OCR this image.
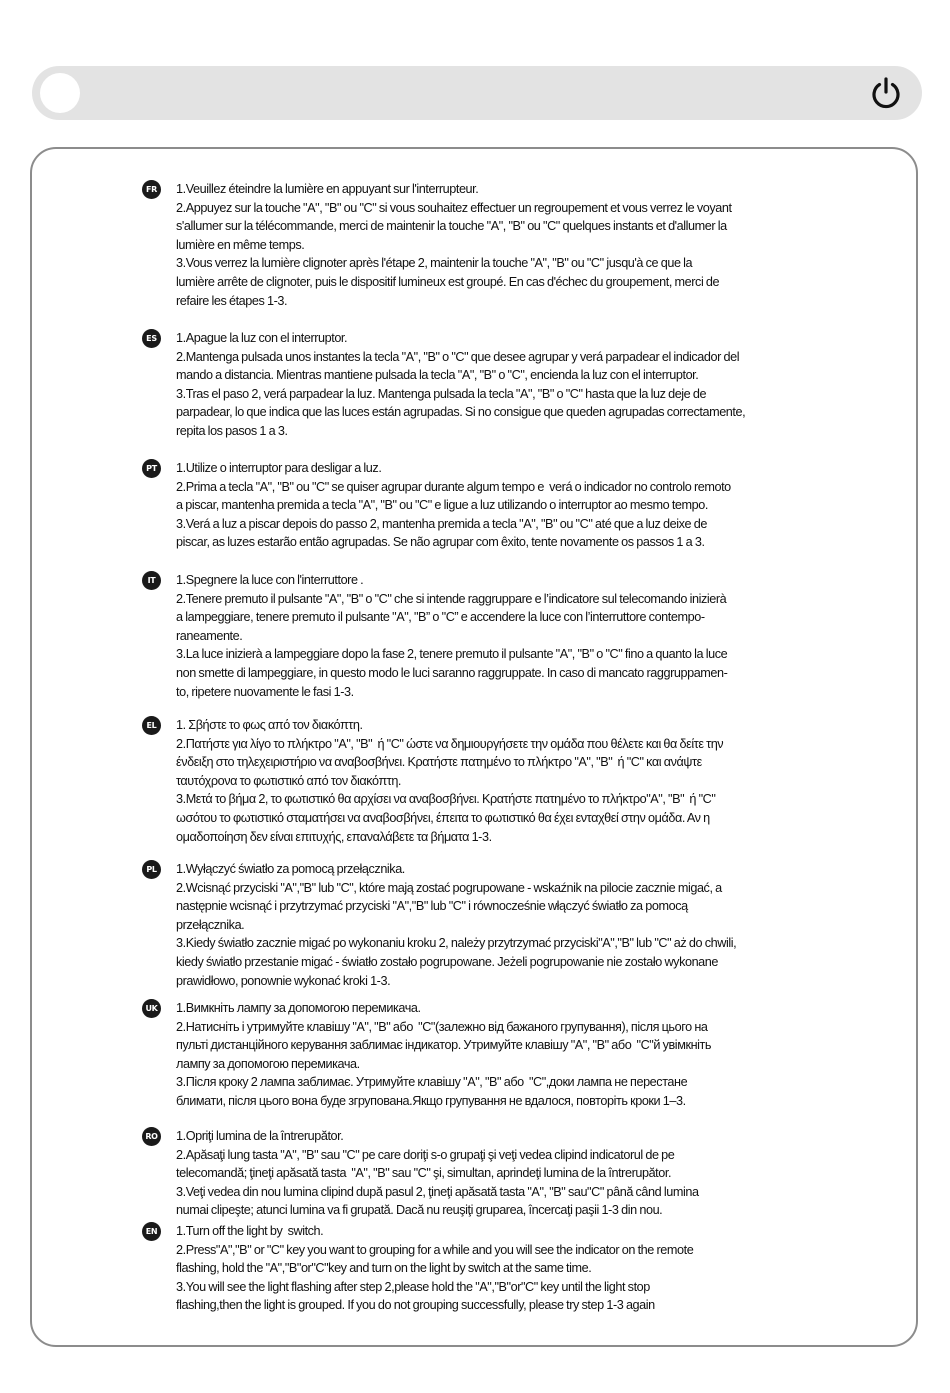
FR	1.Veuillez éteindre la lumière en appuyant sur l'interrupteur.
2.Appuyez sur la touche "A", "B" ou "C" si vous souhaitez effectuer un regroupement et vous verrez le voyant
s'allumer sur la télécommande, merci de maintenir la touche "A", "B" ou "C" quelques instants et d'allumer la
lumière en même temps.
3.Vous verrez la lumière clignoter après l'étape 2, maintenir la touche "A", "B" ou "C" jusqu'à ce que la
lumière arrête de clignoter, puis le dispositif lumineux est groupé. En cas d'échec du groupement, merci de
refaire les étapes 1-3.
ES	1.Apague la luz con el interruptor.
2.Mantenga pulsada unos instantes la tecla "A", "B" o "C" que desee agrupar y verá parpadear el indicador del
mando a distancia. Mientras mantiene pulsada la tecla "A", "B" o "C", encienda la luz con el interruptor.
3.Tras el paso 2, verá parpadear la luz. Mantenga pulsada la tecla "A", "B" o "C" hasta que la luz deje de
parpadear, lo que indica que las luces están agrupadas. Si no consigue que queden agrupadas correctamente,
repita los pasos 1 a 3.
PT	1.Utilize o interruptor para desligar a luz.
2.Prima a tecla "A", "B" ou "C" se quiser agrupar durante algum tempo e  verá o indicador no controlo remoto
a piscar, mantenha premida a tecla "A", "B" ou "C" e ligue a luz utilizando o interruptor ao mesmo tempo.
3.Verá a luz a piscar depois do passo 2, mantenha premida a tecla "A", "B" ou "C" até que a luz deixe de
piscar, as luzes estarão então agrupadas. Se não agrupar com êxito, tente novamente os passos 1 a 3.
IT	1.Spegnere la luce con l'interruttore .
2.Tenere premuto il pulsante "A", "B" o "C" che si intende raggruppare e l’indicatore sul telecomando inizierà
a lampeggiare, tenere premuto il pulsante "A", "B” o "C” e accendere la luce con l’interruttore contempo-
raneamente.
3.La luce inizierà a lampeggiare dopo la fase 2, tenere premuto il pulsante "A", "B" o "C" fino a quanto la luce
non smette di lampeggiare, in questo modo le luci saranno raggruppate. In caso di mancato raggruppamen-
to, ripetere nuovamente le fasi 1-3.
EL	1. Σβήστε το φως από τον διακόπτη.
2.Πατήστε για λίγο το πλήκτρο "A", "B"  ή "C" ώστε να δημιουργήσετε την ομάδα που θέλετε και θα δείτε την
ένδειξη στο τηλεχειριστήριο να αναβοσβήνει. Κρατήστε πατημένο το πλήκτρο "A", "B"  ή "C" και ανάψτε
ταυτόχρονα το φωτιστικό από τον διακόπτη.
3.Μετά το βήμα 2, το φωτιστικό θα αρχίσει να αναβοσβήνει. Κρατήστε πατημένο το πλήκτρο"A", "B"  ή "C"
ωσότου το φωτιστικό σταματήσει να αναβοσβήνει, έπειτα το φωτιστικό θα έχει ενταχθεί στην ομάδα. Αν η
ομαδοποίηση δεν είναι επιτυχής, επαναλάβετε τα βήματα 1-3.
PL	1.Wyłączyć światło za pomocą przełącznika.
2.Wcisnąć przyciski "A","B" lub "C", które mają zostać pogrupowane - wskaźnik na pilocie zacznie migać, a
następnie wcisnąć i przytrzymać przyciski "A","B" lub "C" i równocześnie włączyć światło za pomocą
przełącznika.
3.Kiedy światło zacznie migać po wykonaniu kroku 2, należy przytrzymać przyciski"A","B" lub "C" aż do chwili,
kiedy światło przestanie migać - światło zostało pogrupowane. Jeżeli pogrupowanie nie zostało wykonane
prawidłowo, ponownie wykonać kroki 1-3.
UK 1.Вимкніть лампу за допомогою перемикача.
2.Натисніть і утримуйте клавішу "A", "B" або  "C"(залежно від бажаного групування), після цього на
пульті дистанційного керування заблимає індикатор. Утримуйте клавішу "A", "B" або  "C"й увімкніть
лампу за допомогою перемикача.
3.Після кроку 2 лампа заблимає. Утримуйте клавішу "A", "B" або  "C",доки лампа не перестане
блимати, після цього вона буде згрупована.Якщо групування не вдалося, повторіть кроки 1–3.
RO 1.Opriţi lumina de la întrerupător.
2.Apăsaţi lung tasta "A", "B" sau "C" pe care doriţi s-o grupaţi şi veţi vedea clipind indicatorul de pe
telecomandă; ţineţi apăsată tasta  "A", "B" sau "C" şi, simultan, aprindeţi lumina de la întrerupător.
3.Veţi vedea din nou lumina clipind după pasul 2, ţineţi apăsată tasta "A", "B" sau"C" până când lumina
numai clipeşte; atunci lumina va fi grupată. Dacă nu reuşiţi gruparea, încercaţi paşii 1-3 din nou.
EN 1.Turn off the light by  switch.
2.Press"A","B" or "C" key you want to grouping for a while and you will see the indicator on the remote
flashing, hold the "A","B"or"C"key and turn on the light by switch at the same time.
3.You will see the light flashing after step 2,please hold the "A","B"or"C" key until the light stop
flashing,then the light is grouped. If you do not grouping successfully, please try step 1-3 again
